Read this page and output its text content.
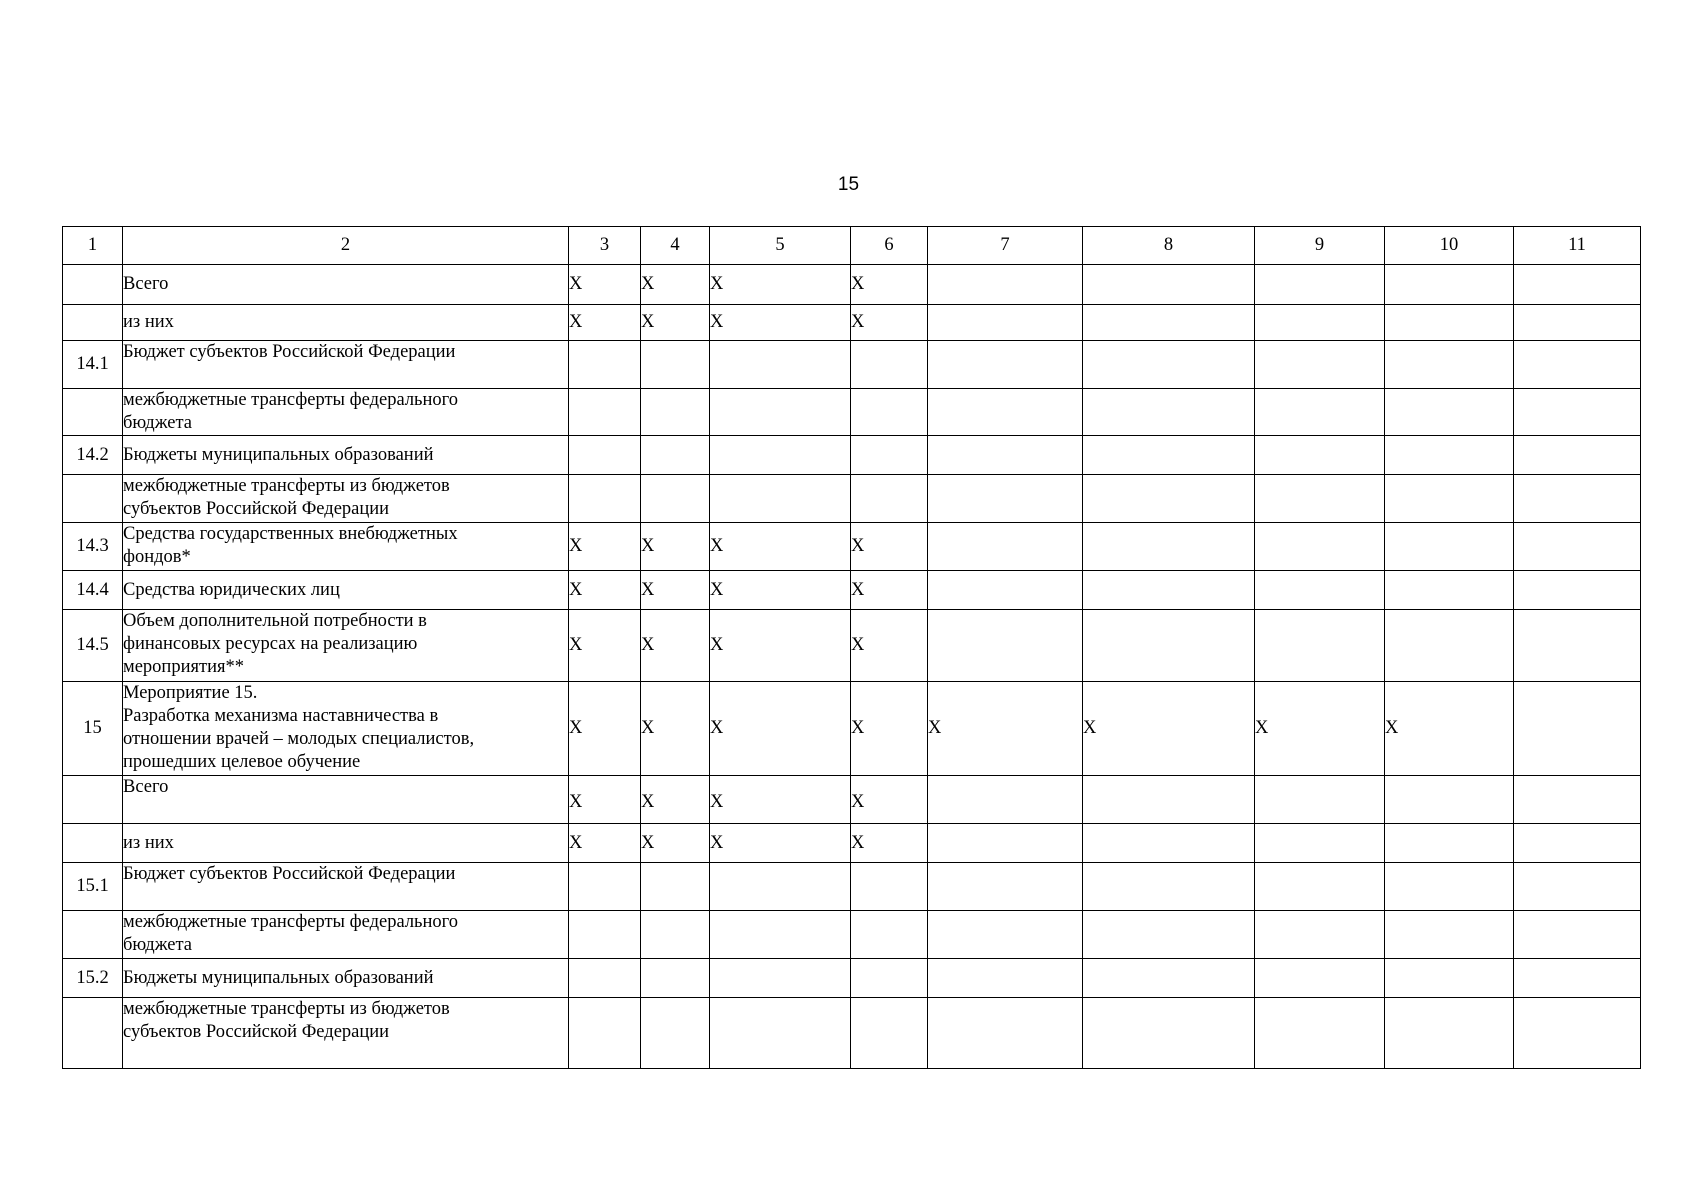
15
1	2	3	4	5	6	7	8	9	10	11

	Всего	X	X	X	X					

	из них	X	X	X	X					
14.1	Бюджет субъектов Российской Федерации									

	межбюджетные трансферты федерального
бюджета									

14.2	Бюджеты муниципальных образований									

	межбюджетные трансферты из бюджетов
субъектов Российской Федерации									

14.3	Средства государственных внебюджетных
фондов*	X	X	X	X					
14.4	Средства юридических лиц	X	X	X	X					
14.5	Объем дополнительной потребности в
финансовых ресурсах на реализацию
мероприятия**	X	X	X	X					
15	Мероприятие 15.
Разработка механизма наставничества в
отношении врачей – молодых специалистов,
прошедших целевое обучение	X	X	X	X	X	X	X	X	

	Всего	X	X	X	X					

	из них	X	X	X	X					
15.1	Бюджет субъектов Российской Федерации									

	межбюджетные трансферты федерального
бюджета									

15.2	Бюджеты муниципальных образований									

	межбюджетные трансферты из бюджетов
субъектов Российской Федерации									
